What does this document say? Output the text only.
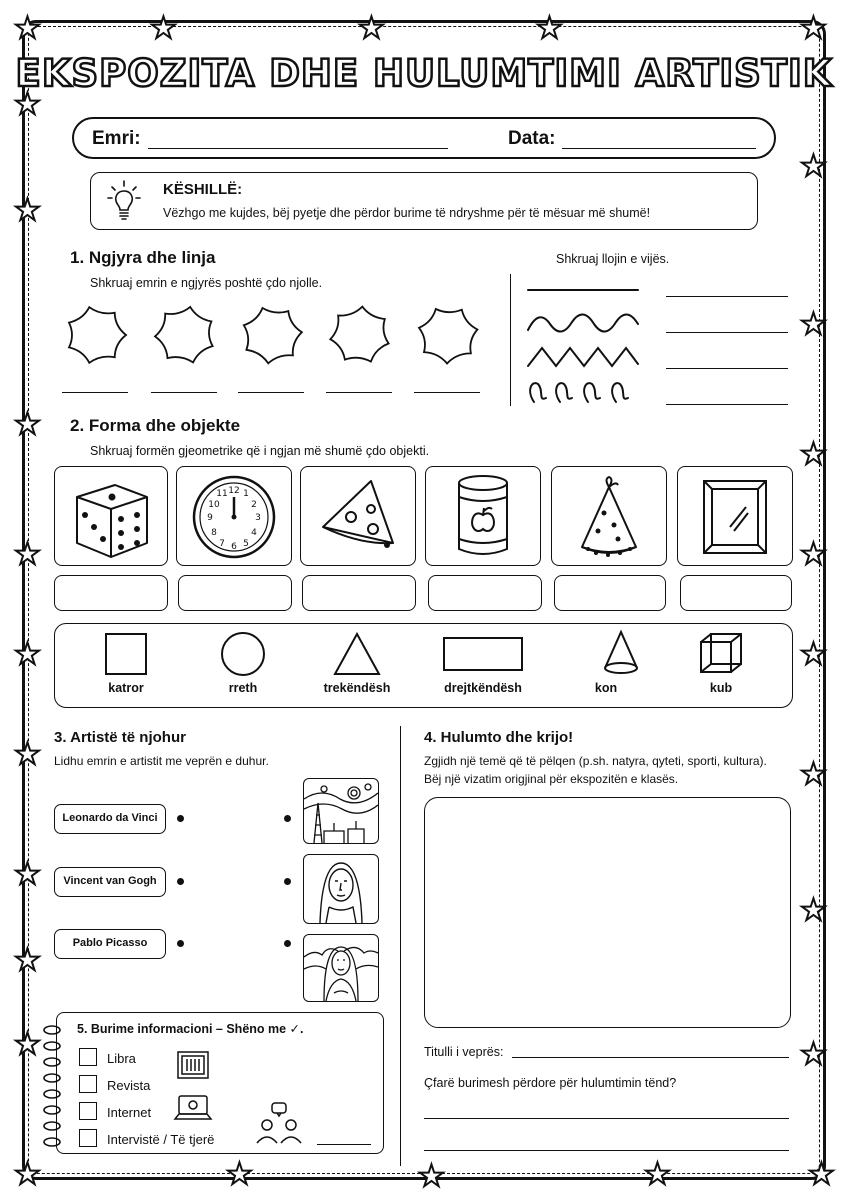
★	★	★	★	★
★
★
★
★
★
★
★	★
★	★
★
★
★
★
★
★
★
★	★	★	★	★
EKSPOZITA DHE HULUMTIMI ARTISTIK
Emri:	Data:
KËSHILLË:
Vëzhgo me kujdes, bëj pyetje dhe përdor burime të ndryshme për të mësuar më shumë!
1. Ngjyra dhe linja
Shkruaj emrin e ngjyrës poshtë çdo njolle.
Shkruaj llojin e vijës.
2. Forma dhe objekte
Shkruaj formën gjeometrike që i ngjan më shumë çdo objekti.
12
6
9	3
11 1
2
4
5
7
8
10
katror	rreth	trekëndësh	drejtkëndësh	kon	kub
3. Artistë të njohur
Lidhu emrin e artistit me veprën e duhur.
Leonardo da Vinci
Vincent van Gogh
Pablo Picasso
4. Hulumto dhe krijo!
Zgjidh një temë që të pëlqen (p.sh. natyra, qyteti, sporti, kultura).
Bëj një vizatim origjinal për ekspozitën e klasës.
Titulli i veprës:
Çfarë burimesh përdore për hulumtimin tënd?
5. Burime informacioni – Shëno me ✓.
Libra
Revista
Internet
Intervistë / Të tjerë
